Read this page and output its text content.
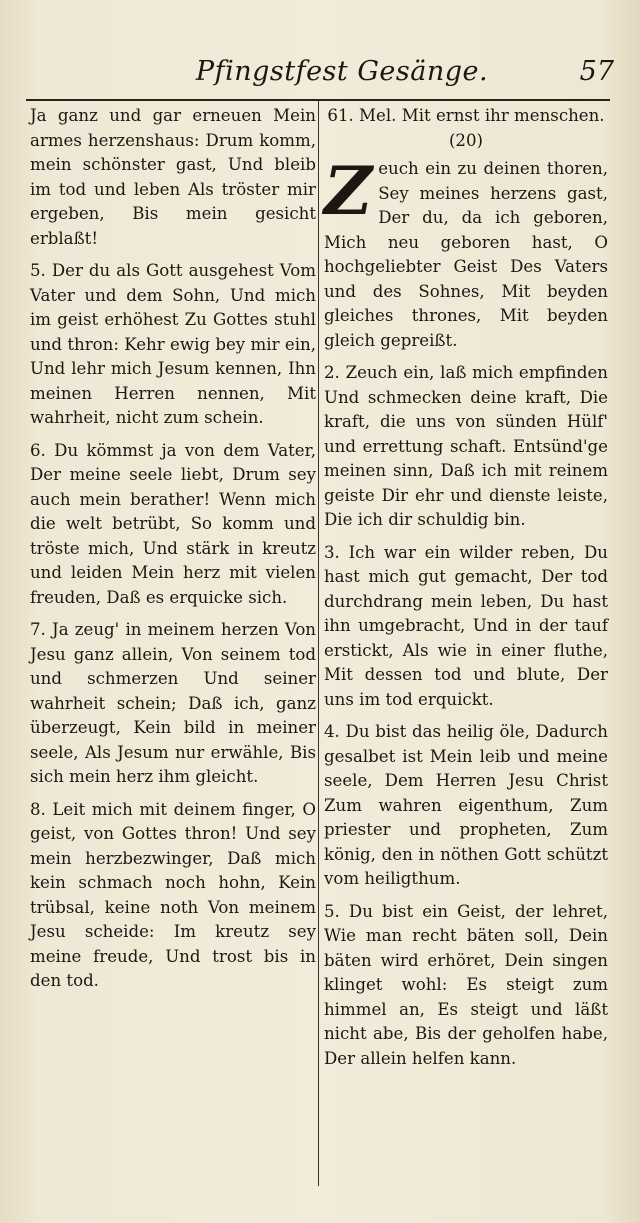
Pfingstfest Gesänge.	57

Ja ganz und gar erneuen Mein armes herzenshaus: Drum komm, mein schönster gast, Und bleib im tod und leben Als tröster mir ergeben, Bis mein gesicht erblaßt!

5. Der du als Gott ausgehest Vom Vater und dem Sohn, Und mich im geist erhöhest Zu Gottes stuhl und thron: Kehr ewig bey mir ein, Und lehr mich Jesum kennen, Ihn meinen Herren nennen, Mit wahrheit, nicht zum schein.

6. Du kömmst ja von dem Vater, Der meine seele liebt, Drum sey auch mein berather! Wenn mich die welt betrübt, So komm und tröste mich, Und stärk in kreutz und leiden Mein herz mit vielen freuden, Daß es erquicke sich.

7. Ja zeug' in meinem herzen Von Jesu ganz allein, Von seinem tod und schmerzen Und seiner wahrheit schein; Daß ich, ganz überzeugt, Kein bild in meiner seele, Als Jesum nur erwähle, Bis sich mein herz ihm gleicht.

8. Leit mich mit deinem finger, O geist, von Gottes thron! Und sey mein herzbezwinger, Daß mich kein schmach noch hohn, Kein trübsal, keine noth Von meinem Jesu scheide: Im kreutz sey meine freude, Und trost bis in den tod.

61. Mel. Mit ernst ihr menschen. (20)

Zeuch ein zu deinen thoren, Sey meines herzens gast, Der du, da ich geboren, Mich neu geboren hast, O hochgeliebter Geist Des Vaters und des Sohnes, Mit beyden gleiches thrones, Mit beyden gleich gepreißt.

2. Zeuch ein, laß mich empfinden Und schmecken deine kraft, Die kraft, die uns von sünden Hülf' und errettung schaft. Entsünd'ge meinen sinn, Daß ich mit reinem geiste Dir ehr und dienste leiste, Die ich dir schuldig bin.

3. Ich war ein wilder reben, Du hast mich gut gemacht, Der tod durchdrang mein leben, Du hast ihn umgebracht, Und in der tauf erstickt, Als wie in einer fluthe, Mit dessen tod und blute, Der uns im tod erquickt.

4. Du bist das heilig öle, Dadurch gesalbet ist Mein leib und meine seele, Dem Herren Jesu Christ Zum wahren eigenthum, Zum priester und propheten, Zum könig, den in nöthen Gott schützt vom heiligthum.

5. Du bist ein Geist, der lehret, Wie man recht bäten soll, Dein bäten wird erhöret, Dein singen klinget wohl: Es steigt zum himmel an, Es steigt und läßt nicht abe, Bis der geholfen habe, Der allein helfen kann.
